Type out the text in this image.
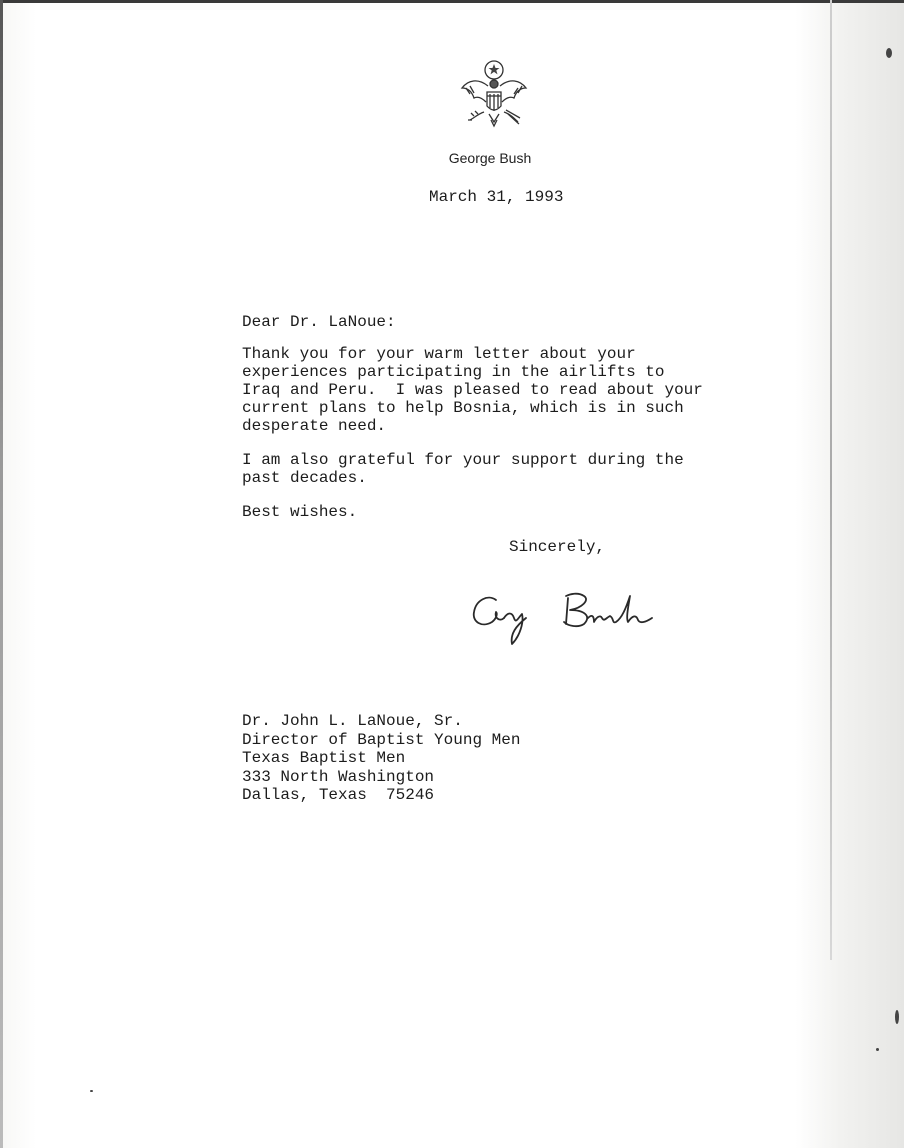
George Bush
March 31, 1993
Dear Dr. LaNoue:
Thank you for your warm letter about your
experiences participating in the airlifts to
Iraq and Peru.  I was pleased to read about your
current plans to help Bosnia, which is in such
desperate need.
I am also grateful for your support during the
past decades.
Best wishes.
Sincerely,
Dr. John L. LaNoue, Sr.
Director of Baptist Young Men
Texas Baptist Men
333 North Washington
Dallas, Texas  75246
